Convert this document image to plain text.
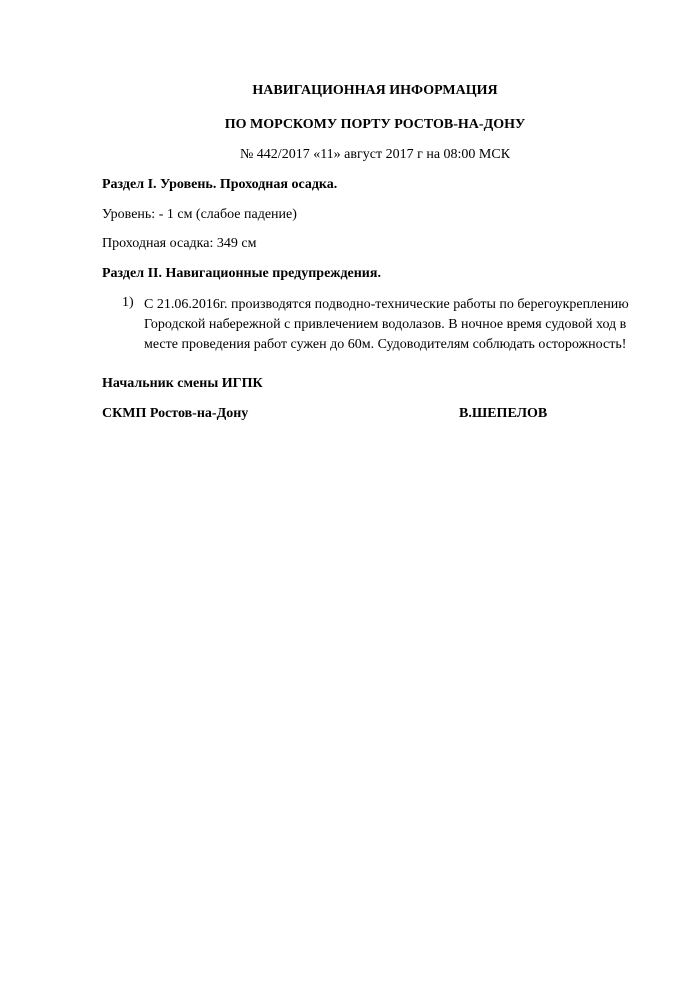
НАВИГАЦИОННАЯ ИНФОРМАЦИЯ
ПО МОРСКОМУ ПОРТУ РОСТОВ-НА-ДОНУ
№ 442/2017 «11» август 2017 г на 08:00 МСК
Раздел I. Уровень. Проходная осадка.
Уровень: - 1 см (слабое падение)
Проходная осадка: 349 см
Раздел II. Навигационные предупреждения.
1) С 21.06.2016г. производятся подводно-технические работы по берегоукреплению
Городской набережной с привлечением водолазов. В ночное время судовой ход в
месте проведения работ сужен до 60м. Судоводителям соблюдать осторожность!
Начальник смены ИГПК
СКМП Ростов-на-Дону	В.ШЕПЕЛОВ
